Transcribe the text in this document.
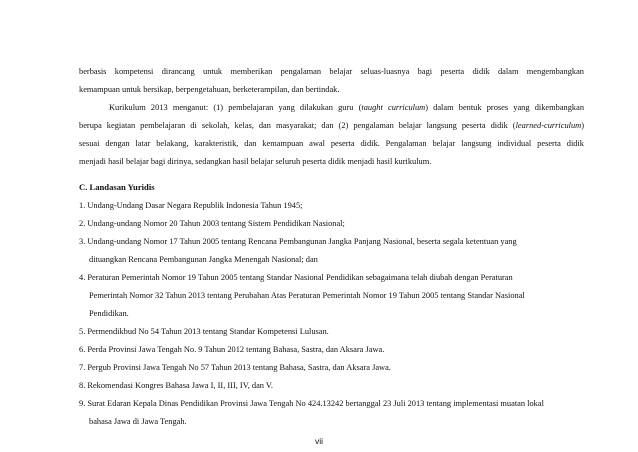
berbasis kompetensi dirancang untuk memberikan pengalaman belajar seluas-luasnya bagi peserta didik dalam mengembangkan
kemampuan untuk bersikap, berpengetahuan, berketerampilan, dan bertindak.
Kurikulum 2013 menganut: (1) pembelajaran yang dilakukan guru (taught curriculum) dalam bentuk proses yang dikembangkan
berupa kegiatan pembelajaran di sekolah, kelas, dan masyarakat; dan (2) pengalaman belajar langsung peserta didik (learned-curriculum)
sesuai dengan latar belakang, karakteristik, dan kemampuan awal peserta didik. Pengalaman belajar langsung individual peserta didik
menjadi hasil belajar bagi dirinya, sedangkan hasil belajar seluruh peserta didik menjadi hasil kurikulum.
C. Landasan Yuridis
1. Undang-Undang Dasar Negara Republik Indonesia Tahun 1945;
2. Undang-undang Nomor 20 Tahun 2003 tentang Sistem Pendidikan Nasional;
3. Undang-undang Nomor 17 Tahun 2005 tentang Rencana Pembangunan Jangka Panjang Nasional, beserta segala ketentuan yang
dituangkan Rencana Pembangunan Jangka Menengah Nasional; dan
4. Peraturan Pemerintah Nomor 19 Tahun 2005 tentang Standar Nasional Pendidikan sebagaimana telah diubah dengan Peraturan
Pemerintah Nomor 32 Tahun 2013 tentang Perubahan Atas Peraturan Pemerintah Nomor 19 Tahun 2005 tentang Standar Nasional
Pendidikan.
5. Permendikbud No 54 Tahun 2013 tentang Standar Kompetensi Lulusan.
6. Perda Provinsi Jawa Tengah No. 9 Tahun 2012 tentang Bahasa, Sastra, dan Aksara Jawa.
7. Pergub Provinsi Jawa Tengah No 57 Tahun 2013 tentang Bahasa, Sastra, dan Aksara Jawa.
8. Rekomendasi Kongres Bahasa Jawa I, II, III, IV, dan V.
9. Surat Edaran Kepala Dinas Pendidikan Provinsi Jawa Tengah No 424.13242 bertanggal 23 Juli 2013 tentang implementasi muatan lokal
bahasa Jawa di Jawa Tengah.
vii
